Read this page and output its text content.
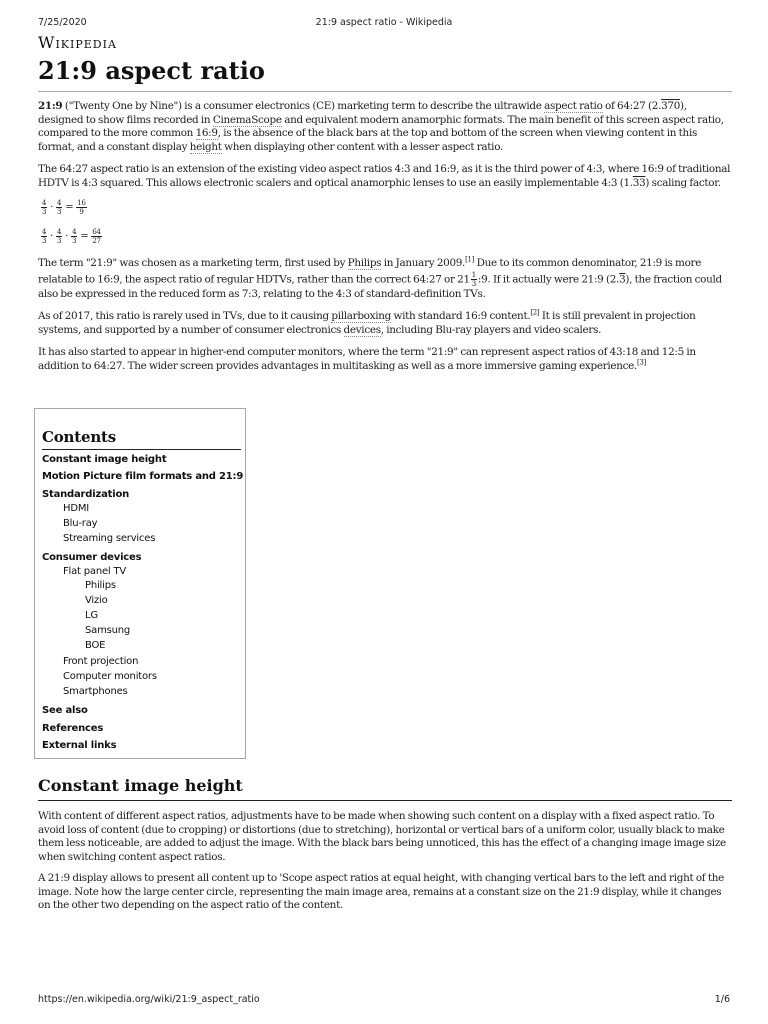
7/25/2020	21:9 aspect ratio - Wikipedia
Wikipedia
21:9 aspect ratio

21:9 ("Twenty One by Nine") is a consumer electronics (CE) marketing term to describe the ultrawide aspect ratio of 64:27 (2.370), designed to show films recorded in CinemaScope and equivalent modern anamorphic formats. The main benefit of this screen aspect ratio, compared to the more common 16:9, is the absence of the black bars at the top and bottom of the screen when viewing content in this format, and a constant display height when displaying other content with a lesser aspect ratio.

The 64:27 aspect ratio is an extension of the existing video aspect ratios 4:3 and 16:9, as it is the third power of 4:3, where 16:9 of traditional HDTV is 4:3 squared. This allows electronic scalers and optical anamorphic lenses to use an easily implementable 4:3 (1.33) scaling factor.

$\frac{4}{3} \cdot \frac{4}{3} = \frac{16}{9}$
$\frac{4}{3} \cdot \frac{4}{3} \cdot \frac{4}{3} = \frac{64}{27}$

The term "21:9" was chosen as a marketing term, first used by Philips in January 2009.[1] Due to its common denominator, 21:9 is more relatable to 16:9, the aspect ratio of regular HDTVs, rather than the correct 64:27 or $21 \frac{1}{3}$ :9. If it actually were 21:9 (2.3), the fraction could also be expressed in the reduced form as 7:3, relating to the 4:3 of standard-definition TVs.

As of 2017, this ratio is rarely used in TVs, due to it causing pillarboxing with standard 16:9 content.[2] It is still prevalent in projection systems, and supported by a number of consumer electronics devices, including Blu-ray players and video scalers.

It has also started to appear in higher-end computer monitors, where the term "21:9" can represent aspect ratios of 43:18 and 12:5 in addition to 64:27. The wider screen provides advantages in multitasking as well as a more immersive gaming experience.[3]

Contents
Constant image height
Motion Picture film formats and 21:9
Standardization
HDMI
Blu-ray
Streaming services
Consumer devices
Flat panel TV
Philips
Vizio
LG
Samsung
BOE
Front projection
Computer monitors
Smartphones
See also
References
External links
Constant image height

With content of different aspect ratios, adjustments have to be made when showing such content on a display with a fixed aspect ratio. To avoid loss of content (due to cropping) or distortions (due to stretching), horizontal or vertical bars of a uniform color, usually black to make them less noticeable, are added to adjust the image. With the black bars being unnoticed, this has the effect of a changing image image size when switching content aspect ratios.

A 21:9 display allows to present all content up to 'Scope aspect ratios at equal height, with changing vertical bars to the left and right of the image. Note how the large center circle, representing the main image area, remains at a constant size on the 21:9 display, while it changes on the other two depending on the aspect ratio of the content.

https://en.wikipedia.org/wiki/21:9_aspect_ratio	1/6
